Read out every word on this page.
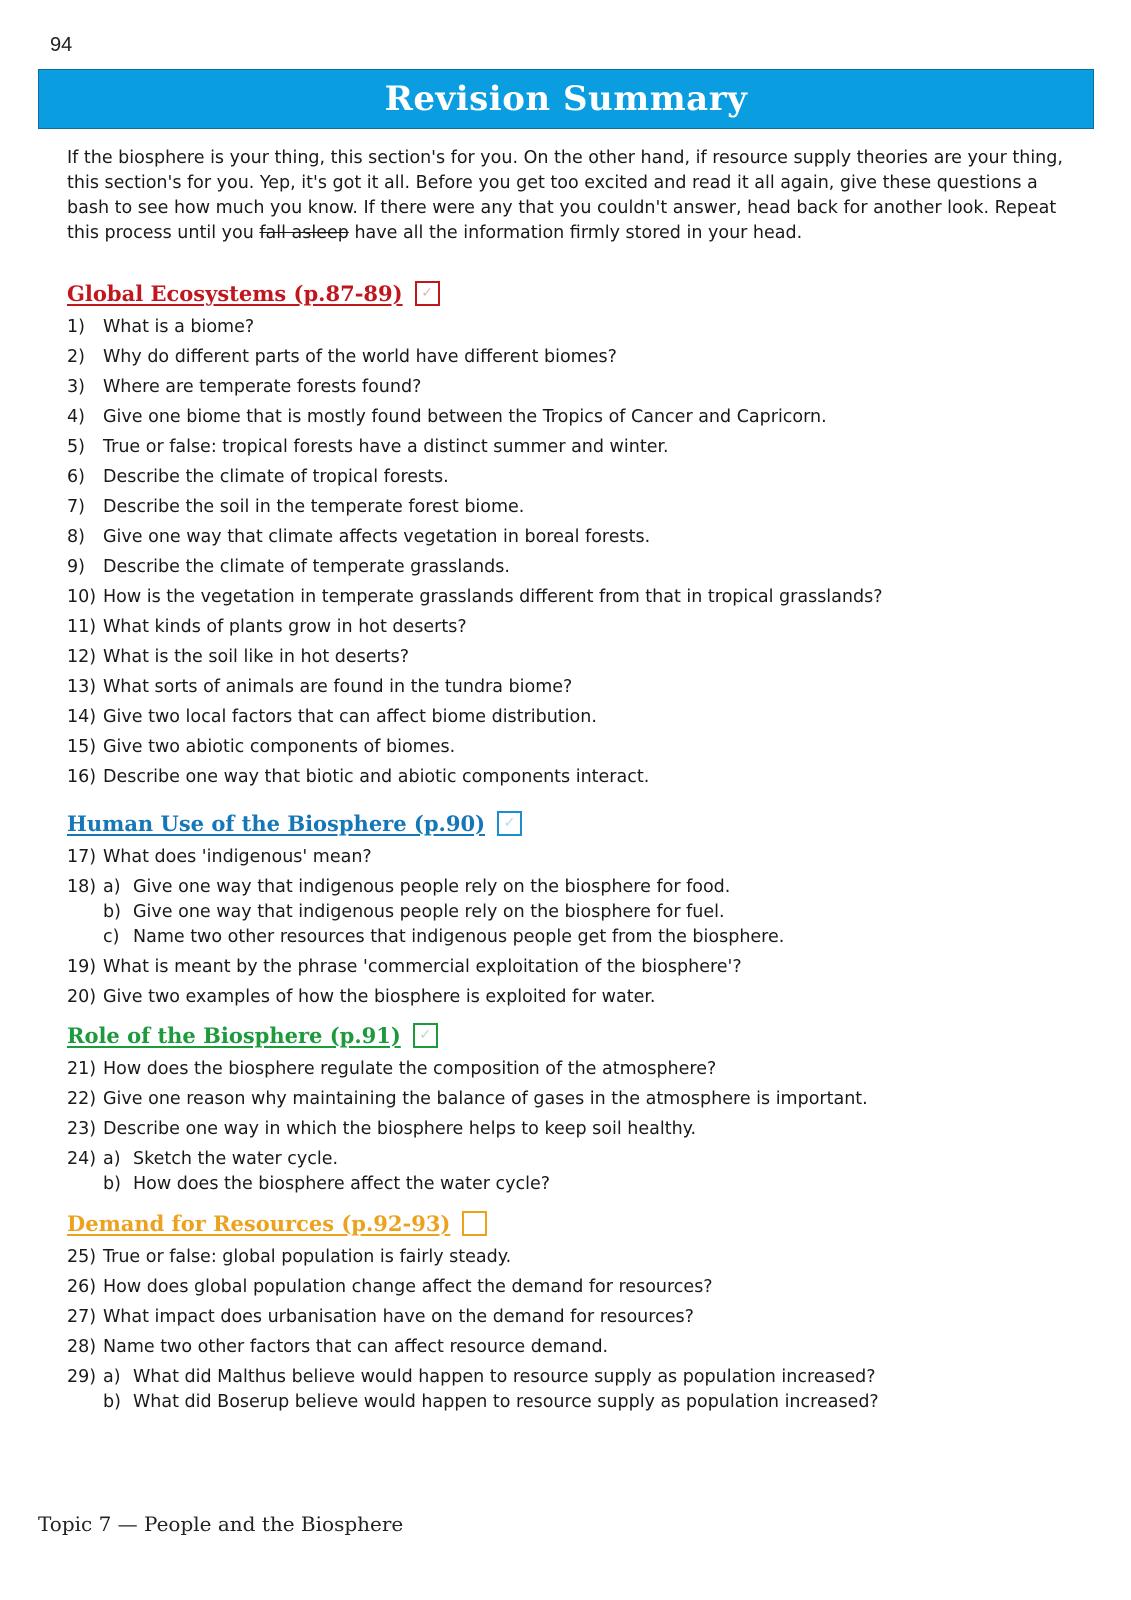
94
Revision Summary
If the biosphere is your thing, this section's for you. On the other hand, if resource supply theories are your thing, this section's for you. Yep, it's got it all. Before you get too excited and read it all again, give these questions a bash to see how much you know. If there were any that you couldn't answer, head back for another look. Repeat this process until you fall asleep have all the information firmly stored in your head.
Global Ecosystems (p.87-89) ✓
1)	What is a biome?
2)	Why do different parts of the world have different biomes?
3)	Where are temperate forests found?
4)	Give one biome that is mostly found between the Tropics of Cancer and Capricorn.
5)	True or false: tropical forests have a distinct summer and winter.
6)	Describe the climate of tropical forests.
7)	Describe the soil in the temperate forest biome.
8)	Give one way that climate affects vegetation in boreal forests.
9)	Describe the climate of temperate grasslands.
10) How is the vegetation in temperate grasslands different from that in tropical grasslands?
11) What kinds of plants grow in hot deserts?
12) What is the soil like in hot deserts?
13) What sorts of animals are found in the tundra biome?
14) Give two local factors that can affect biome distribution.
15) Give two abiotic components of biomes.
16) Describe one way that biotic and abiotic components interact.
Human Use of the Biosphere (p.90) ✓
17) What does 'indigenous' mean?
18) a) Give one way that indigenous people rely on the biosphere for food.
b) Give one way that indigenous people rely on the biosphere for fuel.
c) Name two other resources that indigenous people get from the biosphere.
19) What is meant by the phrase 'commercial exploitation of the biosphere'?
20) Give two examples of how the biosphere is exploited for water.
Role of the Biosphere (p.91) ✓
21) How does the biosphere regulate the composition of the atmosphere?
22) Give one reason why maintaining the balance of gases in the atmosphere is important.
23) Describe one way in which the biosphere helps to keep soil healthy.
24) a) Sketch the water cycle.
b) How does the biosphere affect the water cycle?
Demand for Resources (p.92-93)
25) True or false: global population is fairly steady.
26) How does global population change affect the demand for resources?
27) What impact does urbanisation have on the demand for resources?
28) Name two other factors that can affect resource demand.
29) a) What did Malthus believe would happen to resource supply as population increased?
b) What did Boserup believe would happen to resource supply as population increased?
Topic 7 — People and the Biosphere
